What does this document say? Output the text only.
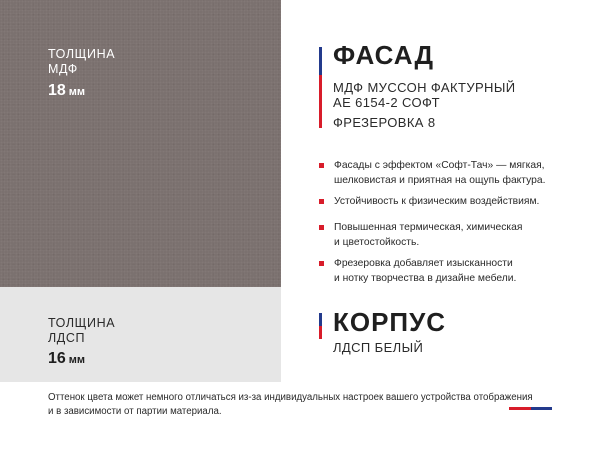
ТОЛЩИНА
МДФ
18 мм
ТОЛЩИНА
ЛДСП
16 мм
ФАСАД
МДФ МУССОН ФАКТУРНЫЙ
АЕ 6154-2 СОФТ
ФРЕЗЕРОВКА 8
Фасады с эффектом «Софт-Тач» — мягкая,
шелковистая и приятная на ощупь фактура.
Устойчивость к физическим воздействиям.
Повышенная термическая, химическая
и цветостойкость.
Фрезеровка добавляет изысканности
и нотку творчества в дизайне мебели.
КОРПУС
ЛДСП БЕЛЫЙ
Оттенок цвета может немного отличаться из-за индивидуальных настроек вашего устройства отображения
и в зависимости от партии материала.
